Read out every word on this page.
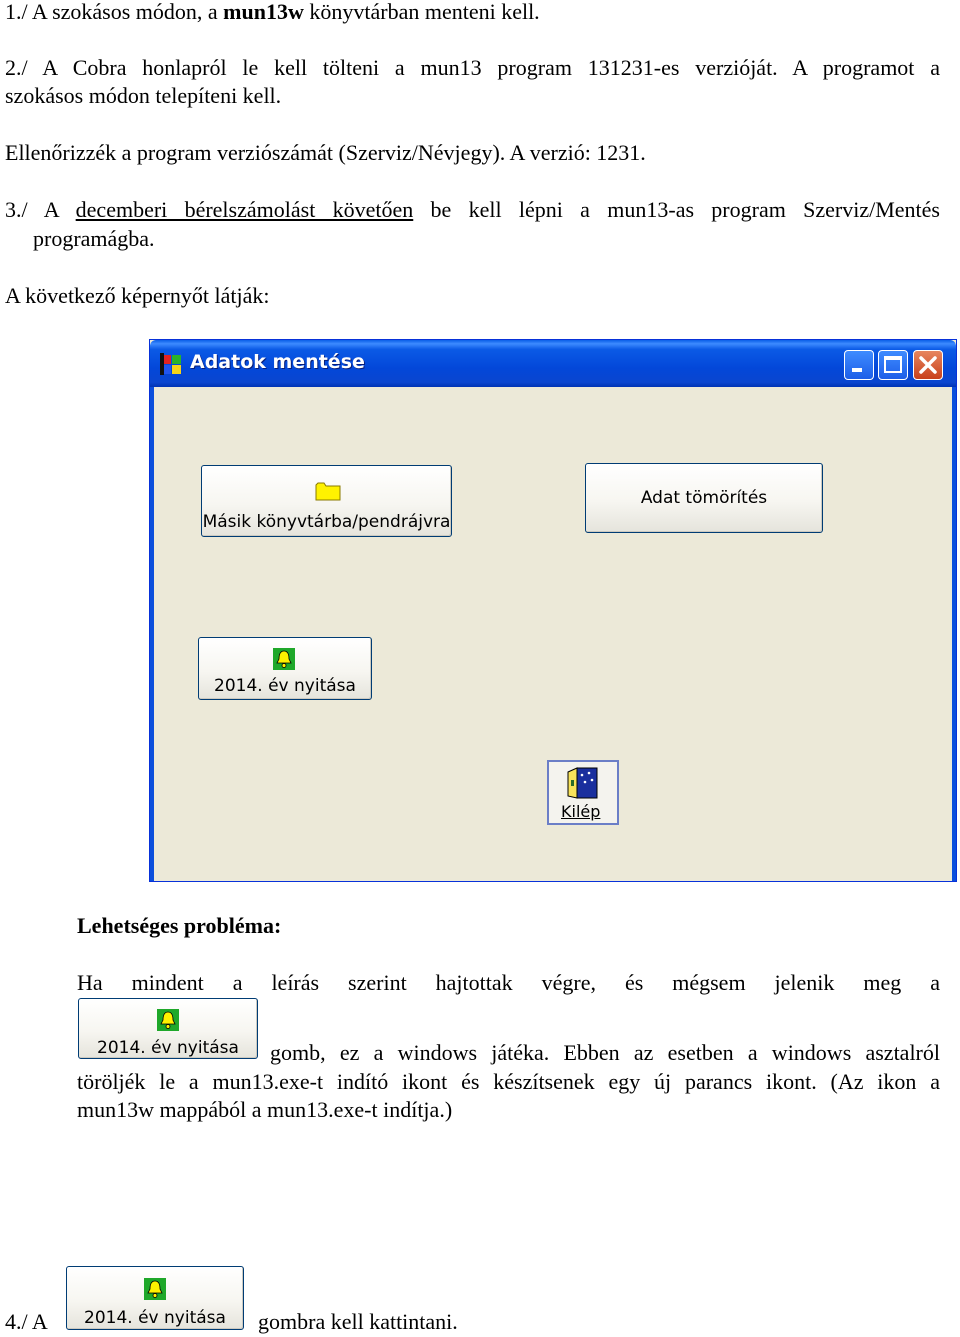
1./ A szokásos módon, a mun13w könyvtárban menteni kell.

2./ A Cobra honlapról le kell tölteni a mun13 program 131231-es verzióját. A programot a

szokásos módon telepíteni kell.

Ellenőrizzék a program verziószámát (Szerviz/Névjegy). A verzió: 1231.

3./ A decemberi bérelszámolást követően be kell lépni a mun13-as program Szerviz/Mentés

programágba.

A következő képernyőt látják:

Adatok mentése
Másik könyvtárba/pendrájvra
Adat tömörítés
2014. év nyitása
Kilép

Lehetséges probléma:

Ha mindent a leírás szerint hajtottak végre, és mégsem jelenik meg a

2014. év nyitása	gomb, ez a windows játéka. Ebben az esetben a windows asztalról

töröljék le a mun13.exe-t indító ikont és készítsenek egy új parancs ikont. (Az ikon a

mun13w mappából a mun13.exe-t indítja.)

4./ A	2014. év nyitása	gombra kell kattintani.
